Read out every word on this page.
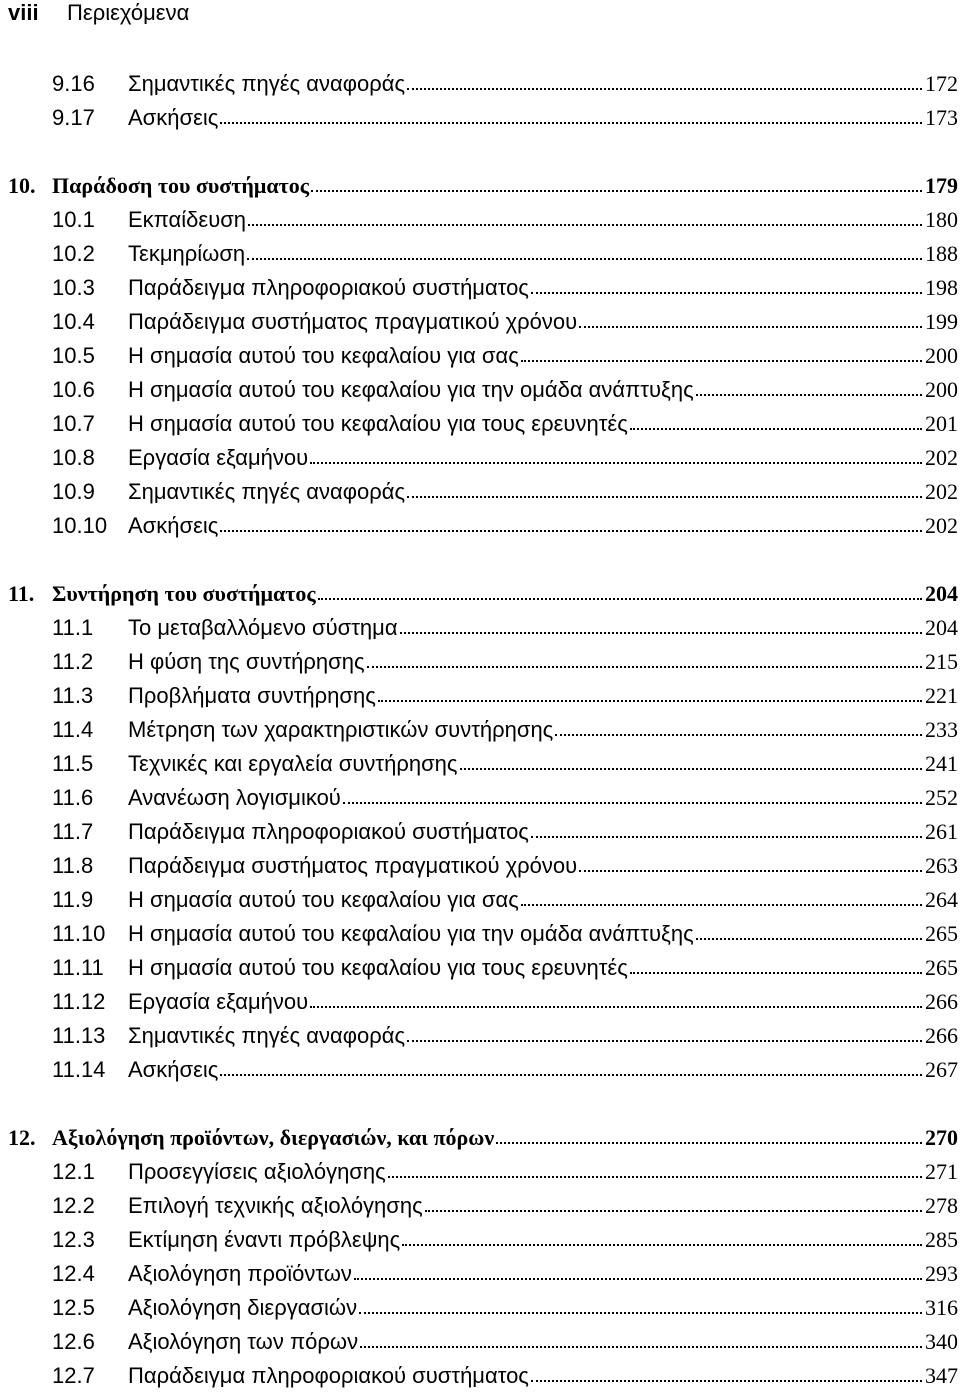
viii Περιεχόμενα
9.16	Σημαντικές πηγές αναφοράς	172
9.17	Ασκήσεις	173
10. Παράδοση του συστήματος	179
10.1	Εκπαίδευση	180
10.2	Τεκμηρίωση	188
10.3	Παράδειγμα πληροφοριακού συστήματος	198
10.4	Παράδειγμα συστήματος πραγματικού χρόνου	199
10.5	Η σημασία αυτού του κεφαλαίου για σας	200
10.6	Η σημασία αυτού του κεφαλαίου για την ομάδα ανάπτυξης	200
10.7	Η σημασία αυτού του κεφαλαίου για τους ερευνητές	201
10.8	Εργασία εξαμήνου	202
10.9	Σημαντικές πηγές αναφοράς	202
10.10 Ασκήσεις	202
11. Συντήρηση του συστήματος	204
11.1	Το μεταβαλλόμενο σύστημα	204
11.2	Η φύση της συντήρησης	215
11.3	Προβλήματα συντήρησης	221
11.4	Μέτρηση των χαρακτηριστικών συντήρησης	233
11.5	Τεχνικές και εργαλεία συντήρησης	241
11.6	Ανανέωση λογισμικού	252
11.7	Παράδειγμα πληροφοριακού συστήματος	261
11.8	Παράδειγμα συστήματος πραγματικού χρόνου	263
11.9	Η σημασία αυτού του κεφαλαίου για σας	264
11.10	Η σημασία αυτού του κεφαλαίου για την ομάδα ανάπτυξης	265
11.11	Η σημασία αυτού του κεφαλαίου για τους ερευνητές	265
11.12	Εργασία εξαμήνου	266
11.13	Σημαντικές πηγές αναφοράς	266
11.14	Ασκήσεις	267
12. Αξιολόγηση προϊόντων, διεργασιών, και πόρων	270
12.1	Προσεγγίσεις αξιολόγησης	271
12.2	Επιλογή τεχνικής αξιολόγησης	278
12.3	Εκτίμηση έναντι πρόβλεψης	285
12.4	Αξιολόγηση προϊόντων	293
12.5	Αξιολόγηση διεργασιών	316
12.6	Αξιολόγηση των πόρων	340
12.7	Παράδειγμα πληροφοριακού συστήματος	347
